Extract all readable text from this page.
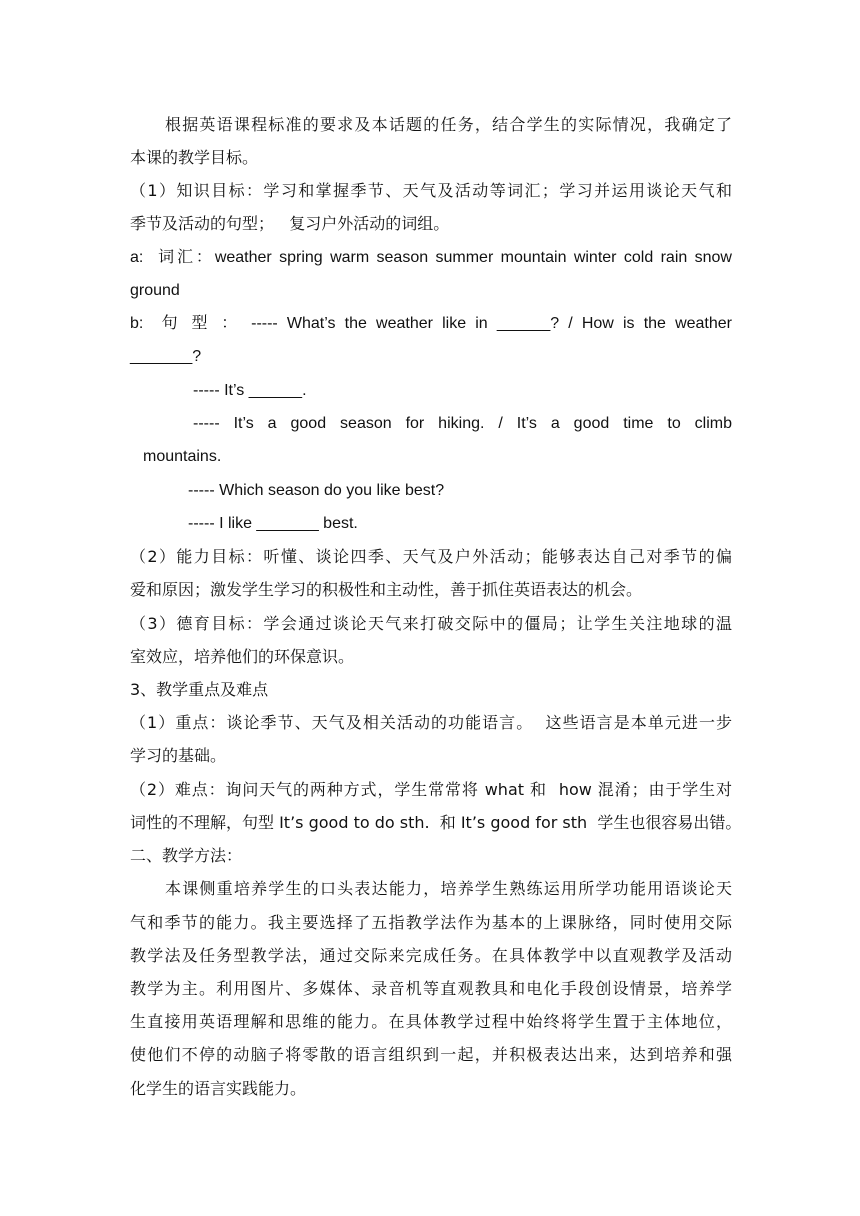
根据英语课程标准的要求及本话题的任务，结合学生的实际情况，我确定了
本课的教学目标。
（1）知识目标：学习和掌握季节、天气及活动等词汇；学习并运用谈论天气和
季节及活动的句型；   复习户外活动的词组。
a:  词汇：weather spring warm season summer mountain winter cold rain snow
ground
b:  句 型 ： ----- What’s the weather like in ______? / How is the weather
_______?
----- It’s ______.
-----  It’s  a  good  season  for  hiking.  /  It’s  a  good  time  to  climb
mountains.
----- Which season do you like best?
----- I like _______ best.
（2）能力目标：听懂、谈论四季、天气及户外活动；能够表达自己对季节的偏
爱和原因；激发学生学习的积极性和主动性，善于抓住英语表达的机会。
（3）德育目标：学会通过谈论天气来打破交际中的僵局；让学生关注地球的温
室效应，培养他们的环保意识。
3、教学重点及难点
（1）重点：谈论季节、天气及相关活动的功能语言。  这些语言是本单元进一步
学习的基础。
（2）难点：询问天气的两种方式，学生常常将 what 和  how 混淆；由于学生对
词性的不理解，句型 It’s good to do sth.  和 It’s good for sth  学生也很容易出错。
二、教学方法：
本课侧重培养学生的口头表达能力，培养学生熟练运用所学功能用语谈论天
气和季节的能力。我主要选择了五指教学法作为基本的上课脉络，同时使用交际
教学法及任务型教学法，通过交际来完成任务。在具体教学中以直观教学及活动
教学为主。利用图片、多媒体、录音机等直观教具和电化手段创设情景，培养学
生直接用英语理解和思维的能力。在具体教学过程中始终将学生置于主体地位，
使他们不停的动脑子将零散的语言组织到一起，并积极表达出来，达到培养和强
化学生的语言实践能力。
